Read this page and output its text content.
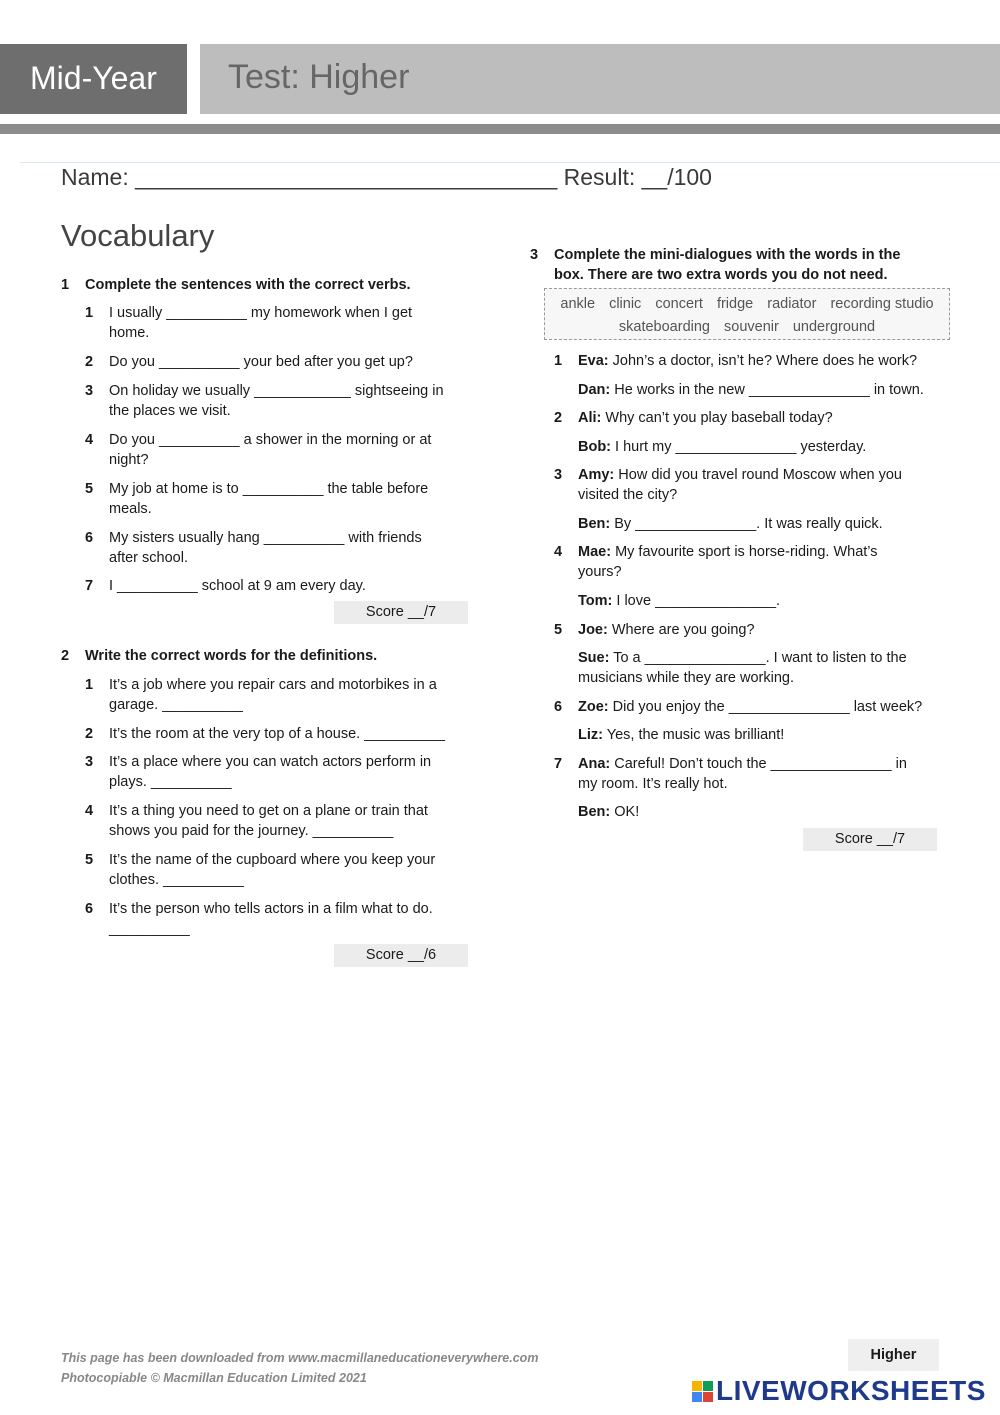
Mid-Year Test: Higher
Name: _________________________________ Result: __/100
Vocabulary
1 Complete the sentences with the correct verbs.
1 I usually __________ my homework when I get
home.
2 Do you __________ your bed after you get up?
3 On holiday we usually ____________ sightseeing in
the places we visit.
4 Do you __________ a shower in the morning or at
night?
5 My job at home is to __________ the table before
meals.
6 My sisters usually hang __________ with friends
after school.
7 I __________ school at 9 am every day.
Score __/7
2 Write the correct words for the definitions.
1 It’s a job where you repair cars and motorbikes in a
garage. __________
2 It’s the room at the very top of a house. __________
3 It’s a place where you can watch actors perform in
plays. __________
4 It’s a thing you need to get on a plane or train that
shows you paid for the journey. __________
5 It’s the name of the cupboard where you keep your
clothes. __________
6 It’s the person who tells actors in a film what to do.
__________
Score __/6
3 Complete the mini-dialogues with the words in the
box. There are two extra words you do not need.
ankle clinic concert fridge radiator recording studio
skateboarding souvenir underground
1 Eva: John’s a doctor, isn’t he? Where does he work?
Dan: He works in the new _______________ in town.
2 Ali: Why can’t you play baseball today?
Bob: I hurt my _______________ yesterday.
3 Amy: How did you travel round Moscow when you
visited the city?
Ben: By _______________. It was really quick.
4 Mae: My favourite sport is horse-riding. What’s
yours?
Tom: I love _______________.
5 Joe: Where are you going?
Sue: To a _______________. I want to listen to the
musicians while they are working.
6 Zoe: Did you enjoy the _______________ last week?
Liz: Yes, the music was brilliant!
7 Ana: Careful! Don’t touch the _______________ in
my room. It’s really hot.
Ben: OK!
Score __/7
This page has been downloaded from www.macmillaneducationeverywhere.com
Photocopiable © Macmillan Education Limited 2021
Higher
LIVEWORKSHEETS
